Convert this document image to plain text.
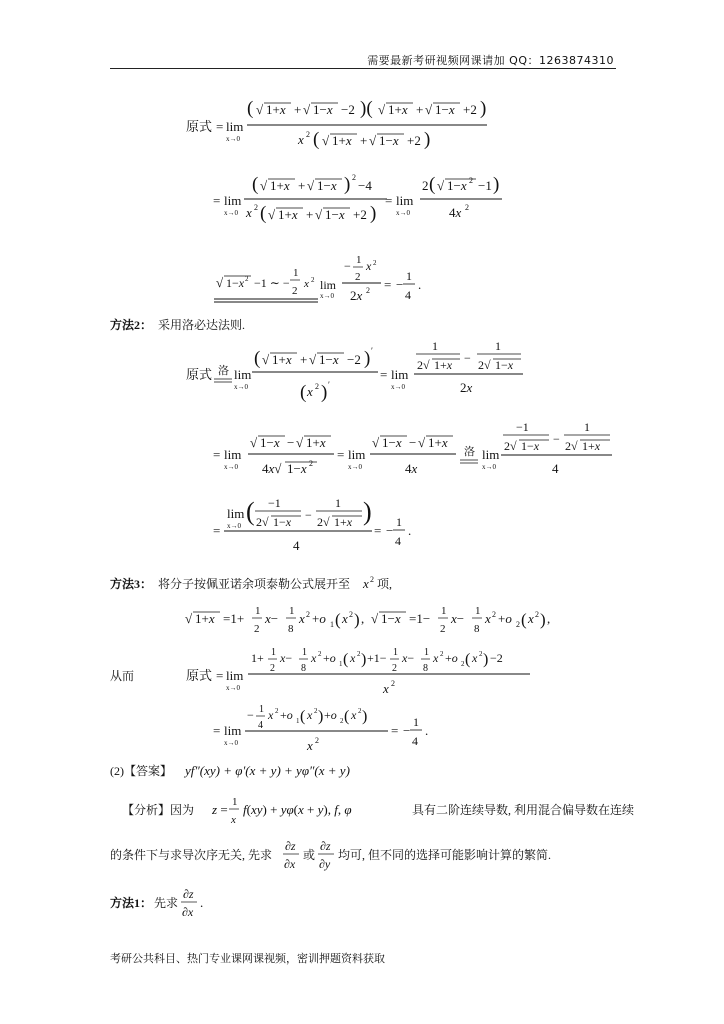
需要最新考研视频网课请加 QQ：1263874310
原式 = lim
x→0
( √ 1+x + √ 1−x −2 )( √ 1+x + √ 1−x +2 )
x 2 ( √ 1+x + √ 1−x +2 )
= lim
x→0
( √ 1+x + √ 1−x ) 2
−4
x 2 ( √ 1+x + √ 1−x +2 )
= lim
x→0
2 ( √ 1−x 2 −1 )
4x 2
√ 1−x 2 −1 ∼ −
1
2
x 2 lim
x→0
− 1
2
x 2
2x 2 = −
1
4
.
方法2： 采用洛必达法则.
原式 洛 lim
x→0
( √ 1+x + √ 1−x −2 ) ′
( x 2 ) ′
= lim
x→0
1
2√ 1+x −
1
2√ 1−x
2x
= lim
x→0
√ 1−x − √ 1+x
4x√ 1−x 2
= lim
x→0
√ 1−x − √ 1+x
4x
洛 lim
x→0
−1
2√ 1−x −
1
2√ 1+x
4
=
lim
x→0 ( −1
2√ 1−x −
1
2√ 1+x )
4
= −
1
4
.
方法3： 将分子按佩亚诺余项泰勒公式展开至 x 2 项,
√ 1+x =1+ 1
2
x− 1
8
x 2 +o 1 ( x 2 ) , √ 1−x =1− 1
2
x− 1
8
x 2 +o 2 ( x 2 ) ,
从而	原式 = lim
x→0
1+ 1
2
x− 1
8
x 2 +o 1 ( x 2 ) +1− 1
2
x− 1
8
x 2 +o 2 ( x 2 ) −2
x 2
= lim
x→0
− 1
4
x 2 +o 1 ( x 2 ) +o 2 ( x 2 )
x 2
= −
1
4
.
(2)【答案】 yf″(xy) + φ′(x + y) + yφ″(x + y)
【分析】因为 z = 1
x
f(xy) + yφ(x + y), f, φ	具有二阶连续导数, 利用混合偏导数在连续
的条件下与求导次序无关, 先求
∂z
∂x
或
∂z
∂y
均可, 但不同的选择可能影响计算的繁简.
方法1： 先求
∂z
∂x
.
考研公共科目、热门专业课网课视频，密训押题资料获取
